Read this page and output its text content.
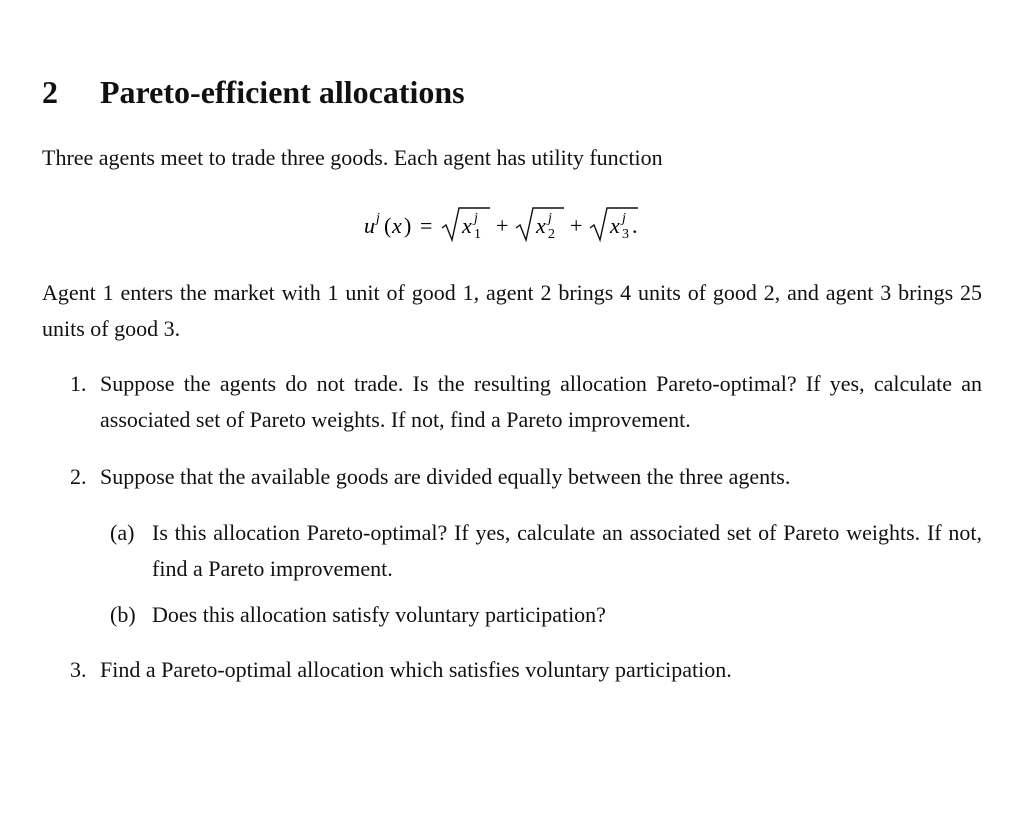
2 Pareto-efficient allocations
Three agents meet to trade three goods. Each agent has utility function
u j ( x ) = x j
1 + x j
2 + x j
3 .
Agent 1 enters the market with 1 unit of good 1, agent 2 brings 4 units of good 2, and agent 3 brings 25 units of good 3.
1. Suppose the agents do not trade. Is the resulting allocation Pareto-optimal? If yes, calculate an associated set of Pareto weights. If not, find a Pareto improvement.
2. Suppose that the available goods are divided equally between the three agents.
(a) Is this allocation Pareto-optimal? If yes, calculate an associated set of Pareto weights. If not, find a Pareto improvement.
(b) Does this allocation satisfy voluntary participation?
3. Find a Pareto-optimal allocation which satisfies voluntary participation.
